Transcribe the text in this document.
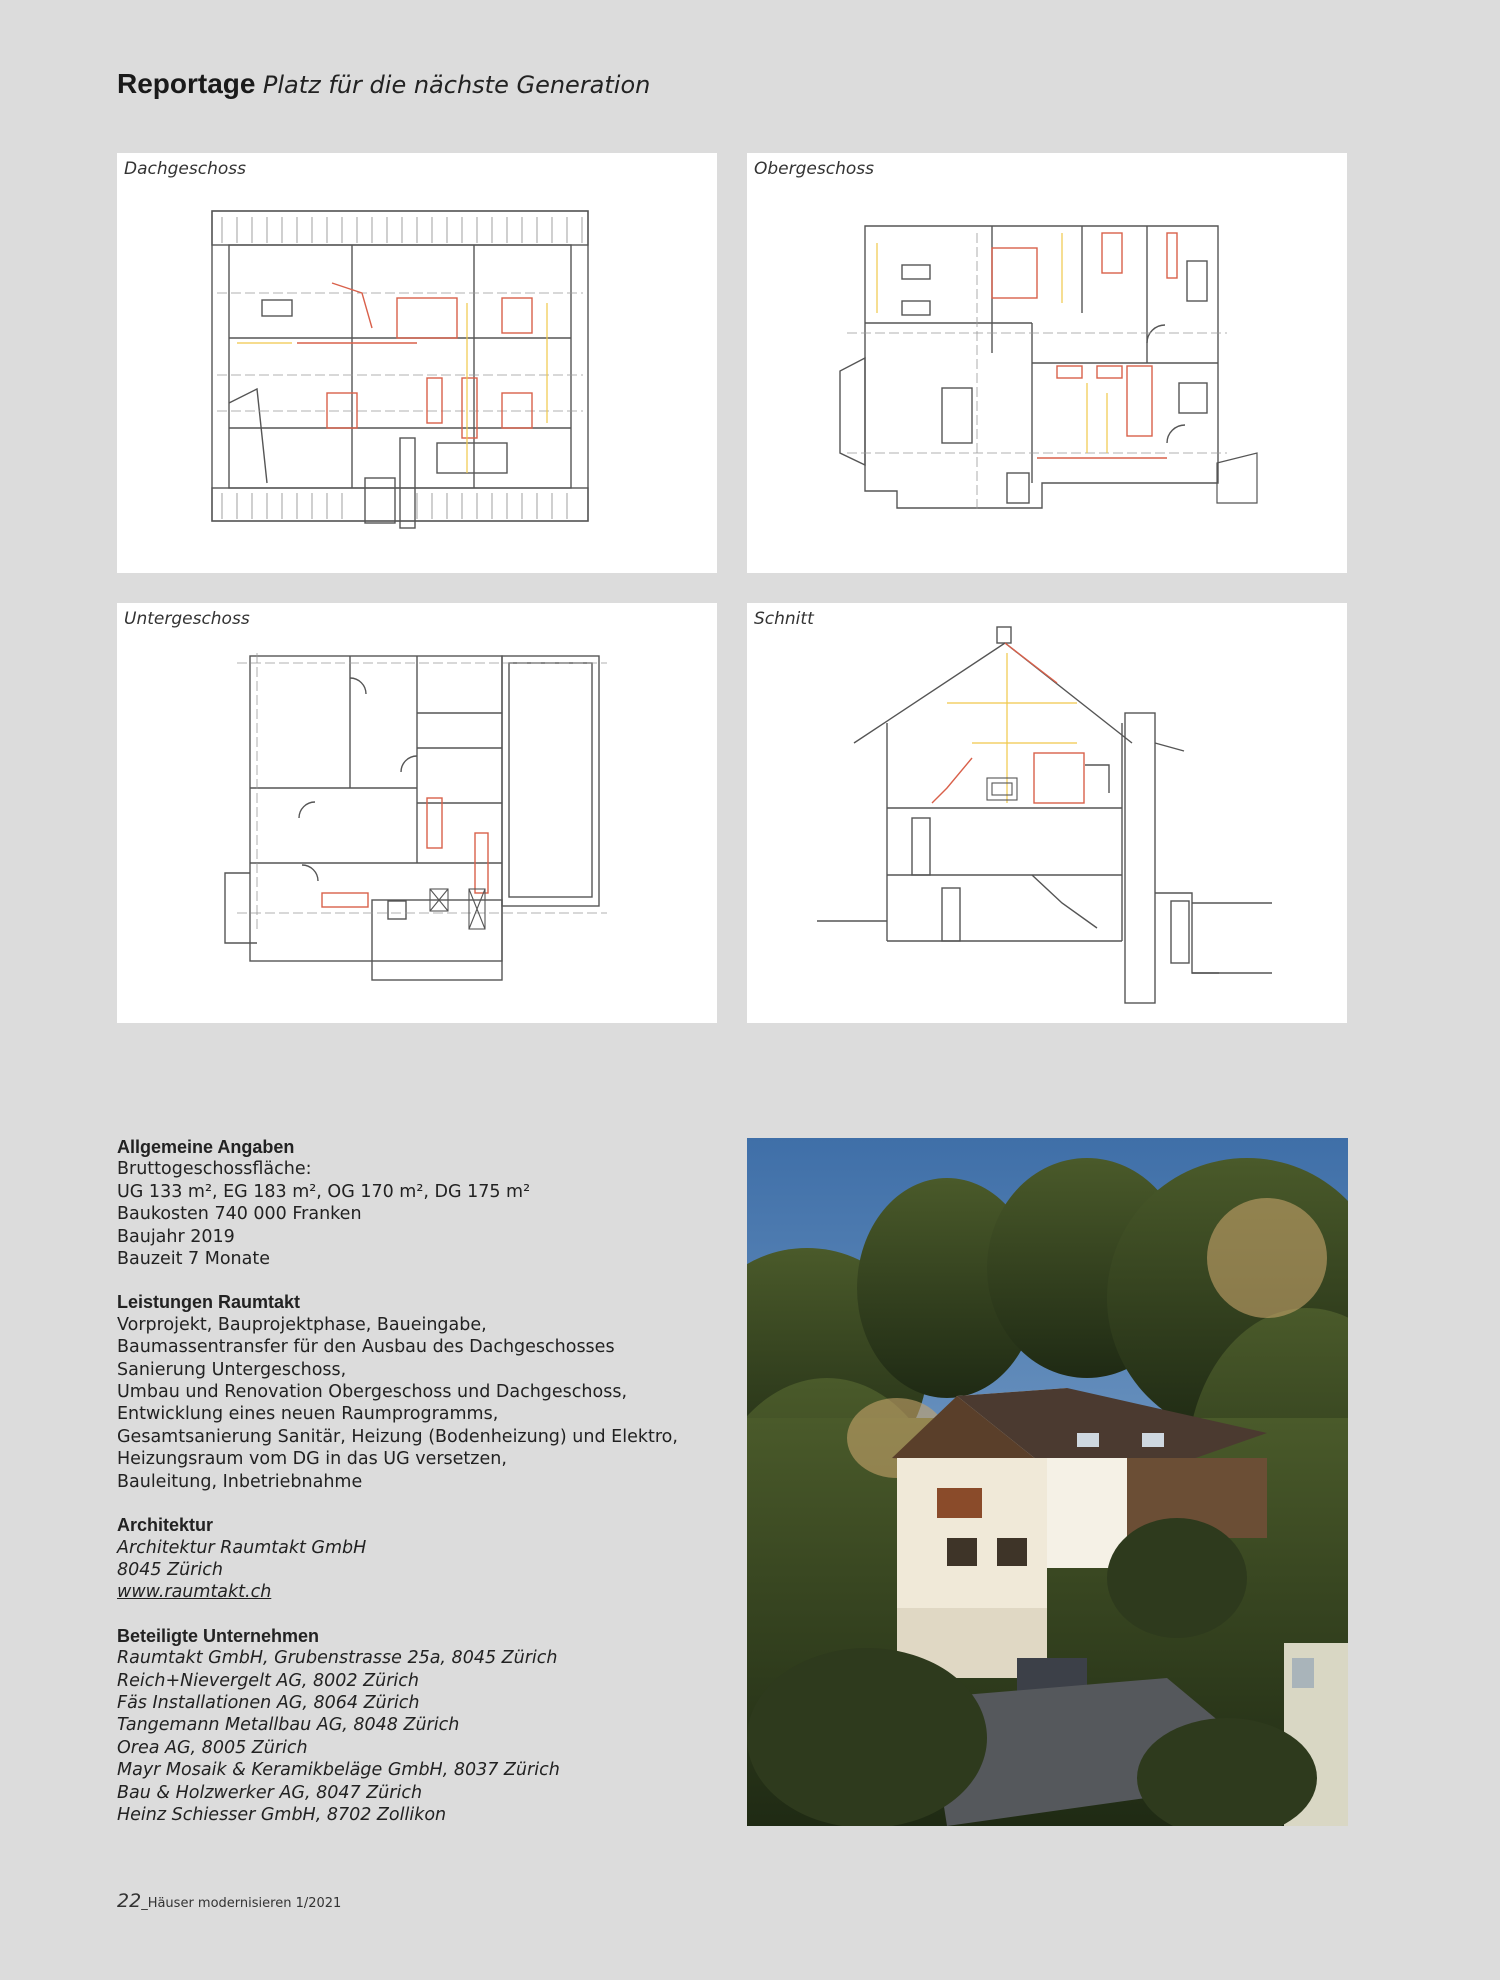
Reportage Platz für die nächste Generation
Dachgeschoss	Obergeschoss
Untergeschoss	Schnitt
Allgemeine Angaben
Bruttogeschossfläche:
UG 133 m², EG 183 m², OG 170 m², DG 175 m²
Baukosten 740 000 Franken
Baujahr 2019
Bauzeit 7 Monate
Leistungen Raumtakt
Vorprojekt, Bauprojektphase, Baueingabe,
Baumassentransfer für den Ausbau des Dachgeschosses
Sanierung Untergeschoss,
Umbau und Renovation Obergeschoss und Dachgeschoss,
Entwicklung eines neuen Raumprogramms,
Gesamtsanierung Sanitär, Heizung (Bodenheizung) und Elektro,
Heizungsraum vom DG in das UG versetzen,
Bauleitung, Inbetriebnahme
Architektur
Architektur Raumtakt GmbH
8045 Zürich
www.raumtakt.ch
Beteiligte Unternehmen
Raumtakt GmbH, Grubenstrasse 25a, 8045 Zürich
Reich+Nievergelt AG, 8002 Zürich
Fäs Installationen AG, 8064 Zürich
Tangemann Metallbau AG, 8048 Zürich
Orea AG, 8005 Zürich
Mayr Mosaik & Keramikbeläge GmbH, 8037 Zürich
Bau & Holzwerker AG, 8047 Zürich
Heinz Schiesser GmbH, 8702 Zollikon
22_Häuser modernisieren 1/2021
